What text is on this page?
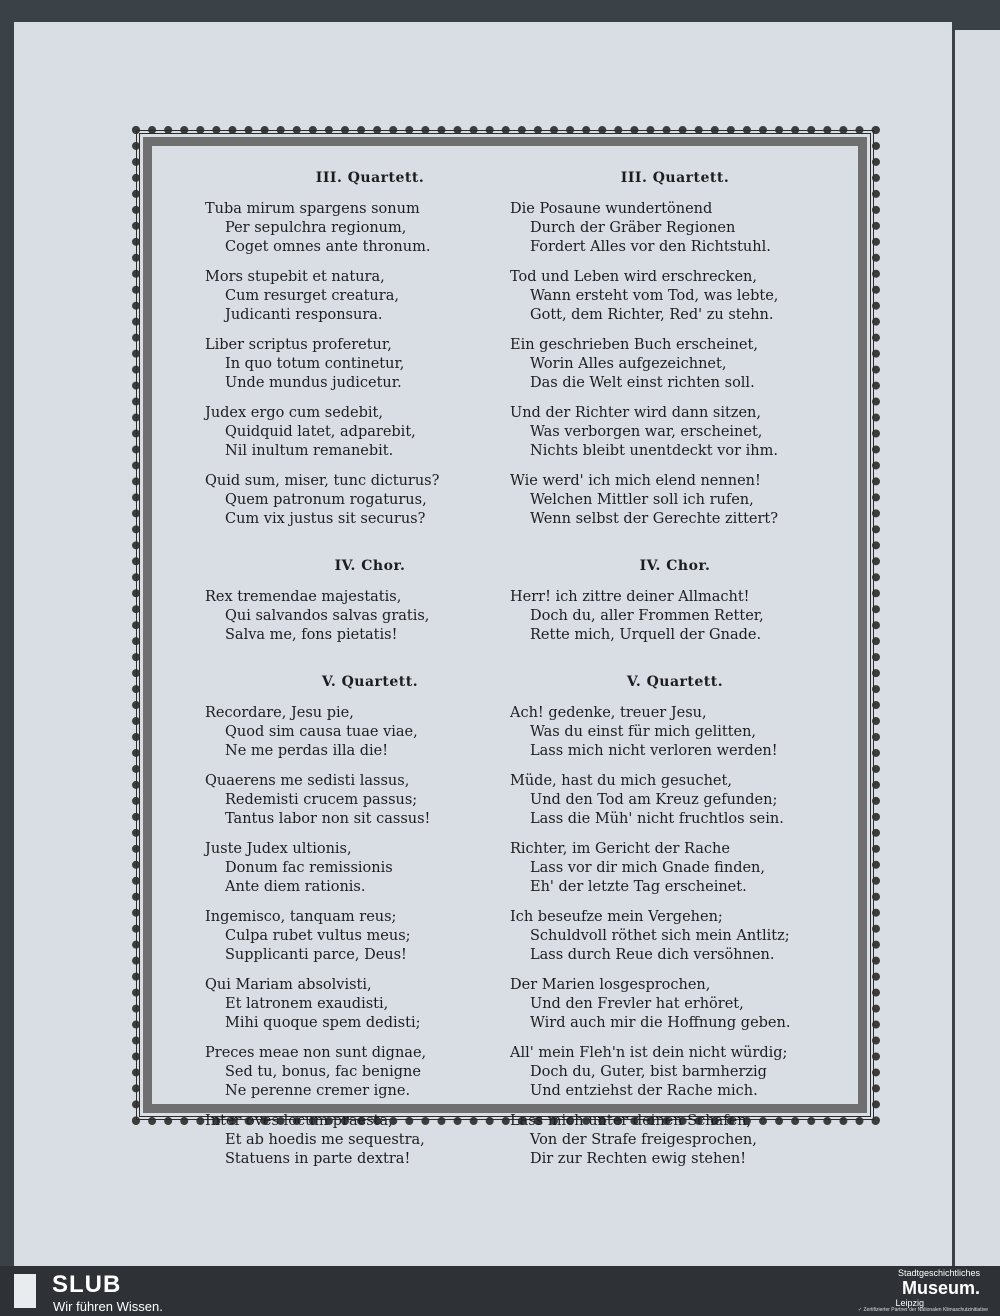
III. Quartett.
Tuba mirum spargens sonum
Per sepulchra regionum,
Coget omnes ante thronum.
Mors stupebit et natura,
Cum resurget creatura,
Judicanti responsura.
Liber scriptus proferetur,
In quo totum continetur,
Unde mundus judicetur.
Judex ergo cum sedebit,
Quidquid latet, adparebit,
Nil inultum remanebit.
Quid sum, miser, tunc dicturus?
Quem patronum rogaturus,
Cum vix justus sit securus?
IV. Chor.
Rex tremendae majestatis,
Qui salvandos salvas gratis,
Salva me, fons pietatis!
V. Quartett.
Recordare, Jesu pie,
Quod sim causa tuae viae,
Ne me perdas illa die!
Quaerens me sedisti lassus,
Redemisti crucem passus;
Tantus labor non sit cassus!
Juste Judex ultionis,
Donum fac remissionis
Ante diem rationis.
Ingemisco, tanquam reus;
Culpa rubet vultus meus;
Supplicanti parce, Deus!
Qui Mariam absolvisti,
Et latronem exaudisti,
Mihi quoque spem dedisti;
Preces meae non sunt dignae,
Sed tu, bonus, fac benigne
Ne perenne cremer igne.
Inter oves locum praesta,
Et ab hoedis me sequestra,
Statuens in parte dextra!
III. Quartett.
Die Posaune wundertönend
Durch der Gräber Regionen
Fordert Alles vor den Richtstuhl.
Tod und Leben wird erschrecken,
Wann ersteht vom Tod, was lebte,
Gott, dem Richter, Red' zu stehn.
Ein geschrieben Buch erscheinet,
Worin Alles aufgezeichnet,
Das die Welt einst richten soll.
Und der Richter wird dann sitzen,
Was verborgen war, erscheinet,
Nichts bleibt unentdeckt vor ihm.
Wie werd' ich mich elend nennen!
Welchen Mittler soll ich rufen,
Wenn selbst der Gerechte zittert?
IV. Chor.
Herr! ich zittre deiner Allmacht!
Doch du, aller Frommen Retter,
Rette mich, Urquell der Gnade.
V. Quartett.
Ach! gedenke, treuer Jesu,
Was du einst für mich gelitten,
Lass mich nicht verloren werden!
Müde, hast du mich gesuchet,
Und den Tod am Kreuz gefunden;
Lass die Müh' nicht fruchtlos sein.
Richter, im Gericht der Rache
Lass vor dir mich Gnade finden,
Eh' der letzte Tag erscheinet.
Ich beseufze mein Vergehen;
Schuldvoll röthet sich mein Antlitz;
Lass durch Reue dich versöhnen.
Der Marien losgesprochen,
Und den Frevler hat erhöret,
Wird auch mir die Hoffnung geben.
All' mein Fleh'n ist dein nicht würdig;
Doch du, Guter, bist barmherzig
Und entziehst der Rache mich.
Lass mich unter deinen Schafen,
Von der Strafe freigesprochen,
Dir zur Rechten ewig stehen!
SLUB
Wir führen Wissen.
Stadtgeschichtliches
Museum.
Leipzig
✓ Zertifizierter Partner der Nationalen Klimaschutzinitiative
